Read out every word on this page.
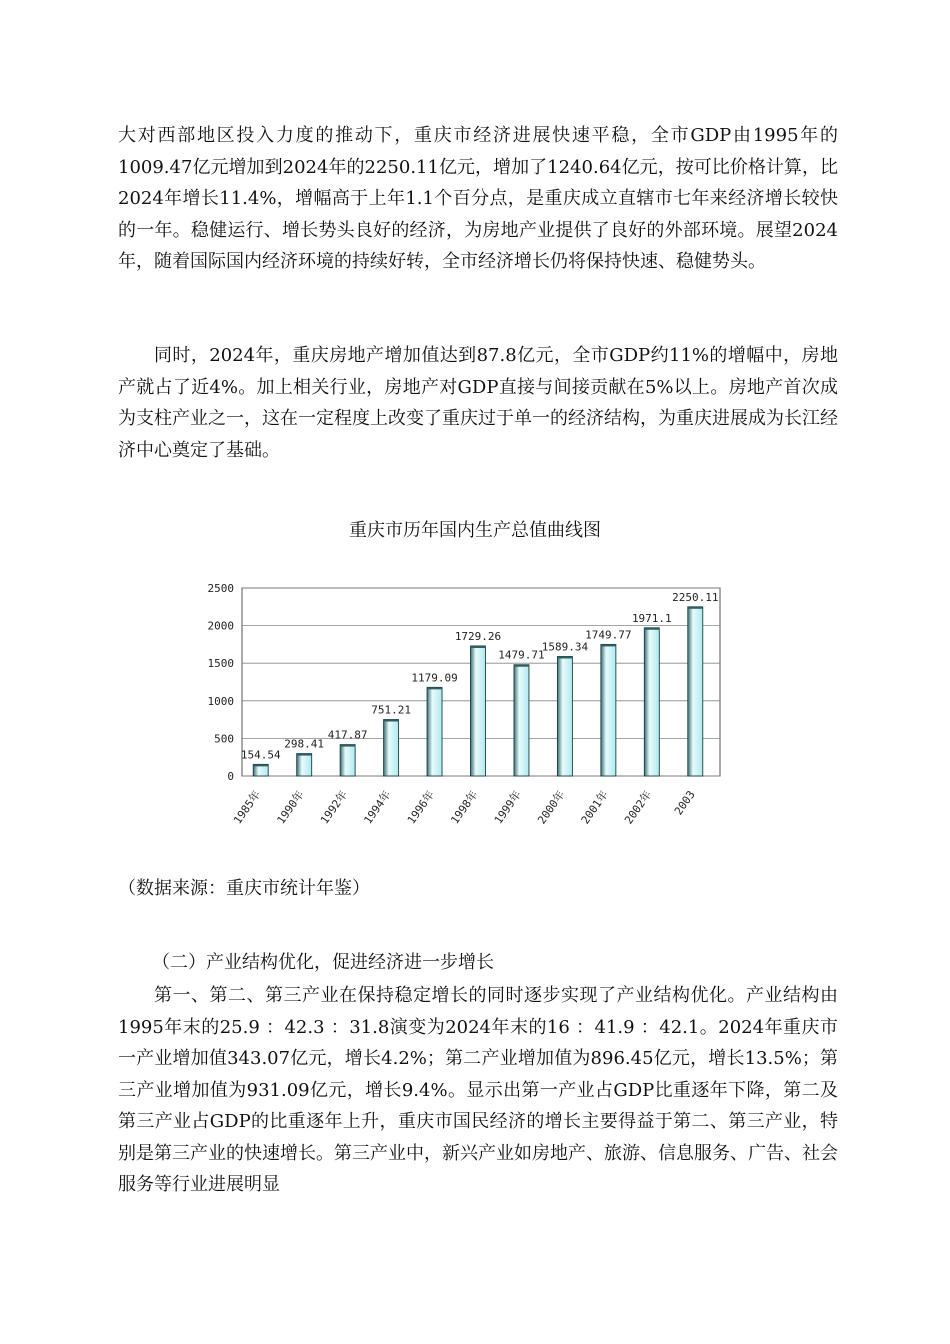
大对西部地区投入力度的推动下，重庆市经济进展快速平稳，全市GDP由1995年的1009.47亿元增加到2024年的2250.11亿元，增加了1240.64亿元，按可比价格计算，比2024年增长11.4%，增幅高于上年1.1个百分点，是重庆成立直辖市七年来经济增长较快的一年。稳健运行、增长势头良好的经济，为房地产业提供了良好的外部环境。展望2024年，随着国际国内经济环境的持续好转，全市经济增长仍将保持快速、稳健势头。

同时，2024年，重庆房地产增加值达到87.8亿元，全市GDP约11%的增幅中，房地产就占了近4%。加上相关行业，房地产对GDP直接与间接贡献在5%以上。房地产首次成为支柱产业之一，这在一定程度上改变了重庆过于单一的经济结构，为重庆进展成为长江经济中心奠定了基础。

重庆市历年国内生产总值曲线图
154.54
298.41
417.87
751.21
1179.09
1729.26
1479.71
1589.34
1749.77
1971.1
2250.11
0
500
1000
1500
2000
2500
1985年 1990年 1992年 1994年 1996年 1998年 1999年 2000年 2001年 2002年 2003

（数据来源：重庆市统计年鉴）

（二）产业结构优化，促进经济进一步增长

第一、第二、第三产业在保持稳定增长的同时逐步实现了产业结构优化。产业结构由1995年末的25.9 ：42.3 ：31.8演变为2024年末的16 ：41.9 ：42.1。2024年重庆市一产业增加值343.07亿元，增长4.2%；第二产业增加值为896.45亿元，增长13.5%；第三产业增加值为931.09亿元，增长9.4%。显示出第一产业占GDP比重逐年下降，第二及第三产业占GDP的比重逐年上升，重庆市国民经济的增长主要得益于第二、第三产业，特别是第三产业的快速增长。第三产业中，新兴产业如房地产、旅游、信息服务、广告、社会服务等行业进展明显
